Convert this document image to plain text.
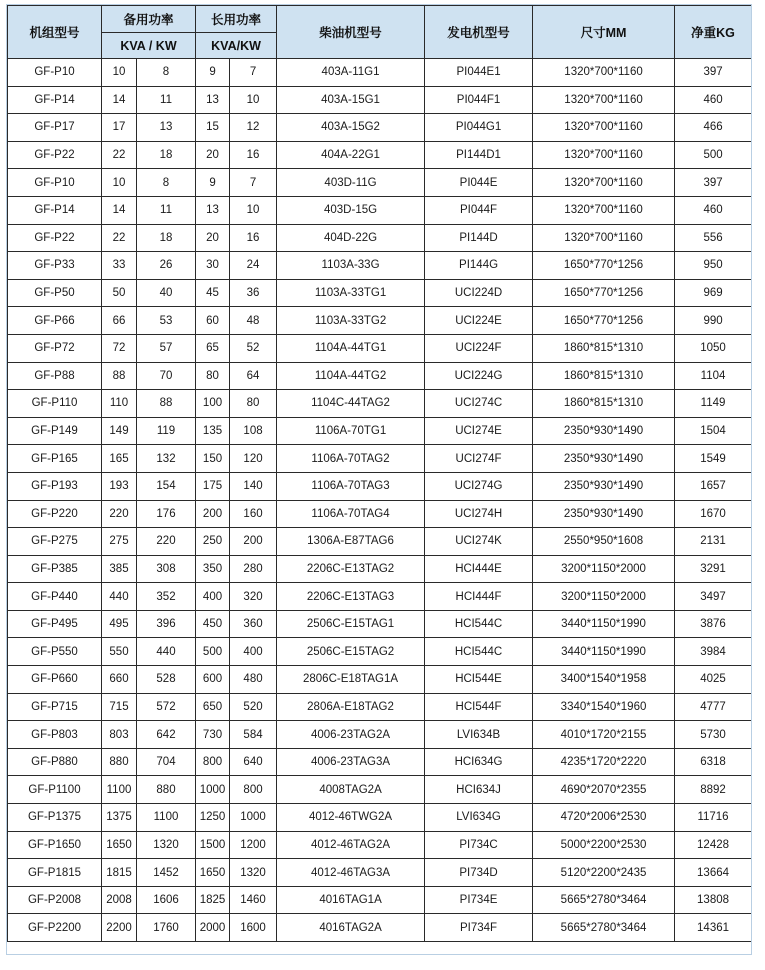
机组型号	备用功率		长用功率		柴油机型号	发电机型号	尺寸MM	净重KG
	KVA / KW		KVA/KW					
GF-P10	10	8	9	7	403A-11G1	PI044E1	1320*700*1160	397
GF-P14	14	11	13	10	403A-15G1	PI044F1	1320*700*1160	460
GF-P17	17	13	15	12	403A-15G2	PI044G1	1320*700*1160	466
GF-P22	22	18	20	16	404A-22G1	PI144D1	1320*700*1160	500
GF-P10	10	8	9	7	403D-11G	PI044E	1320*700*1160	397
GF-P14	14	11	13	10	403D-15G	PI044F	1320*700*1160	460
GF-P22	22	18	20	16	404D-22G	PI144D	1320*700*1160	556
GF-P33	33	26	30	24	1103A-33G	PI144G	1650*770*1256	950
GF-P50	50	40	45	36	1103A-33TG1	UCI224D	1650*770*1256	969
GF-P66	66	53	60	48	1103A-33TG2	UCI224E	1650*770*1256	990
GF-P72	72	57	65	52	1104A-44TG1	UCI224F	1860*815*1310	1050
GF-P88	88	70	80	64	1104A-44TG2	UCI224G	1860*815*1310	1104
GF-P110	110	88	100	80	1104C-44TAG2	UCI274C	1860*815*1310	1149
GF-P149	149	119	135	108	1106A-70TG1	UCI274E	2350*930*1490	1504
GF-P165	165	132	150	120	1106A-70TAG2	UCI274F	2350*930*1490	1549
GF-P193	193	154	175	140	1106A-70TAG3	UCI274G	2350*930*1490	1657
GF-P220	220	176	200	160	1106A-70TAG4	UCI274H	2350*930*1490	1670
GF-P275	275	220	250	200	1306A-E87TAG6	UCI274K	2550*950*1608	2131
GF-P385	385	308	350	280	2206C-E13TAG2	HCI444E	3200*1150*2000	3291
GF-P440	440	352	400	320	2206C-E13TAG3	HCI444F	3200*1150*2000	3497
GF-P495	495	396	450	360	2506C-E15TAG1	HCI544C	3440*1150*1990	3876
GF-P550	550	440	500	400	2506C-E15TAG2	HCI544C	3440*1150*1990	3984
GF-P660	660	528	600	480	2806C-E18TAG1A	HCI544E	3400*1540*1958	4025
GF-P715	715	572	650	520	2806A-E18TAG2	HCI544F	3340*1540*1960	4777
GF-P803	803	642	730	584	4006-23TAG2A	LVI634B	4010*1720*2155	5730
GF-P880	880	704	800	640	4006-23TAG3A	HCI634G	4235*1720*2220	6318
GF-P1100	1100	880	1000	800	4008TAG2A	HCI634J	4690*2070*2355	8892
GF-P1375	1375	1100	1250	1000	4012-46TWG2A	LVI634G	4720*2006*2530	11716
GF-P1650	1650	1320	1500	1200	4012-46TAG2A	PI734C	5000*2200*2530	12428
GF-P1815	1815	1452	1650	1320	4012-46TAG3A	PI734D	5120*2200*2435	13664
GF-P2008	2008	1606	1825	1460	4016TAG1A	PI734E	5665*2780*3464	13808
GF-P2200	2200	1760	2000	1600	4016TAG2A	PI734F	5665*2780*3464	14361
